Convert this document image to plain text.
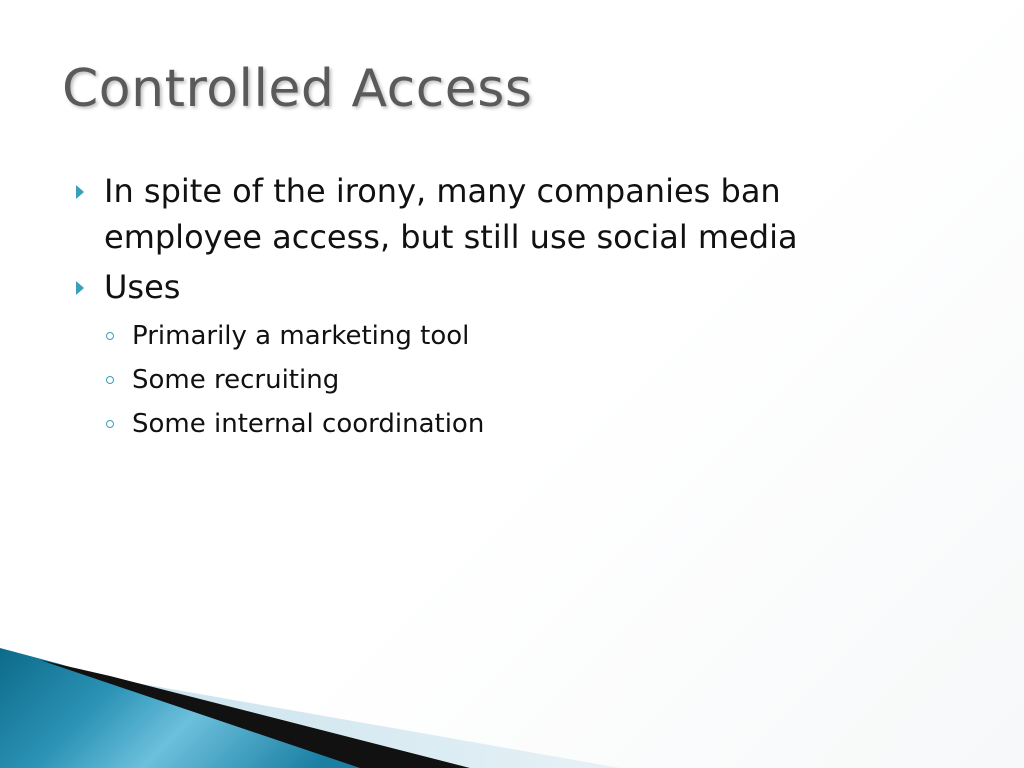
Controlled Access
In spite of the irony, many companies ban
employee access, but still use social media
Uses
Primarily a marketing tool
Some recruiting
Some internal coordination
